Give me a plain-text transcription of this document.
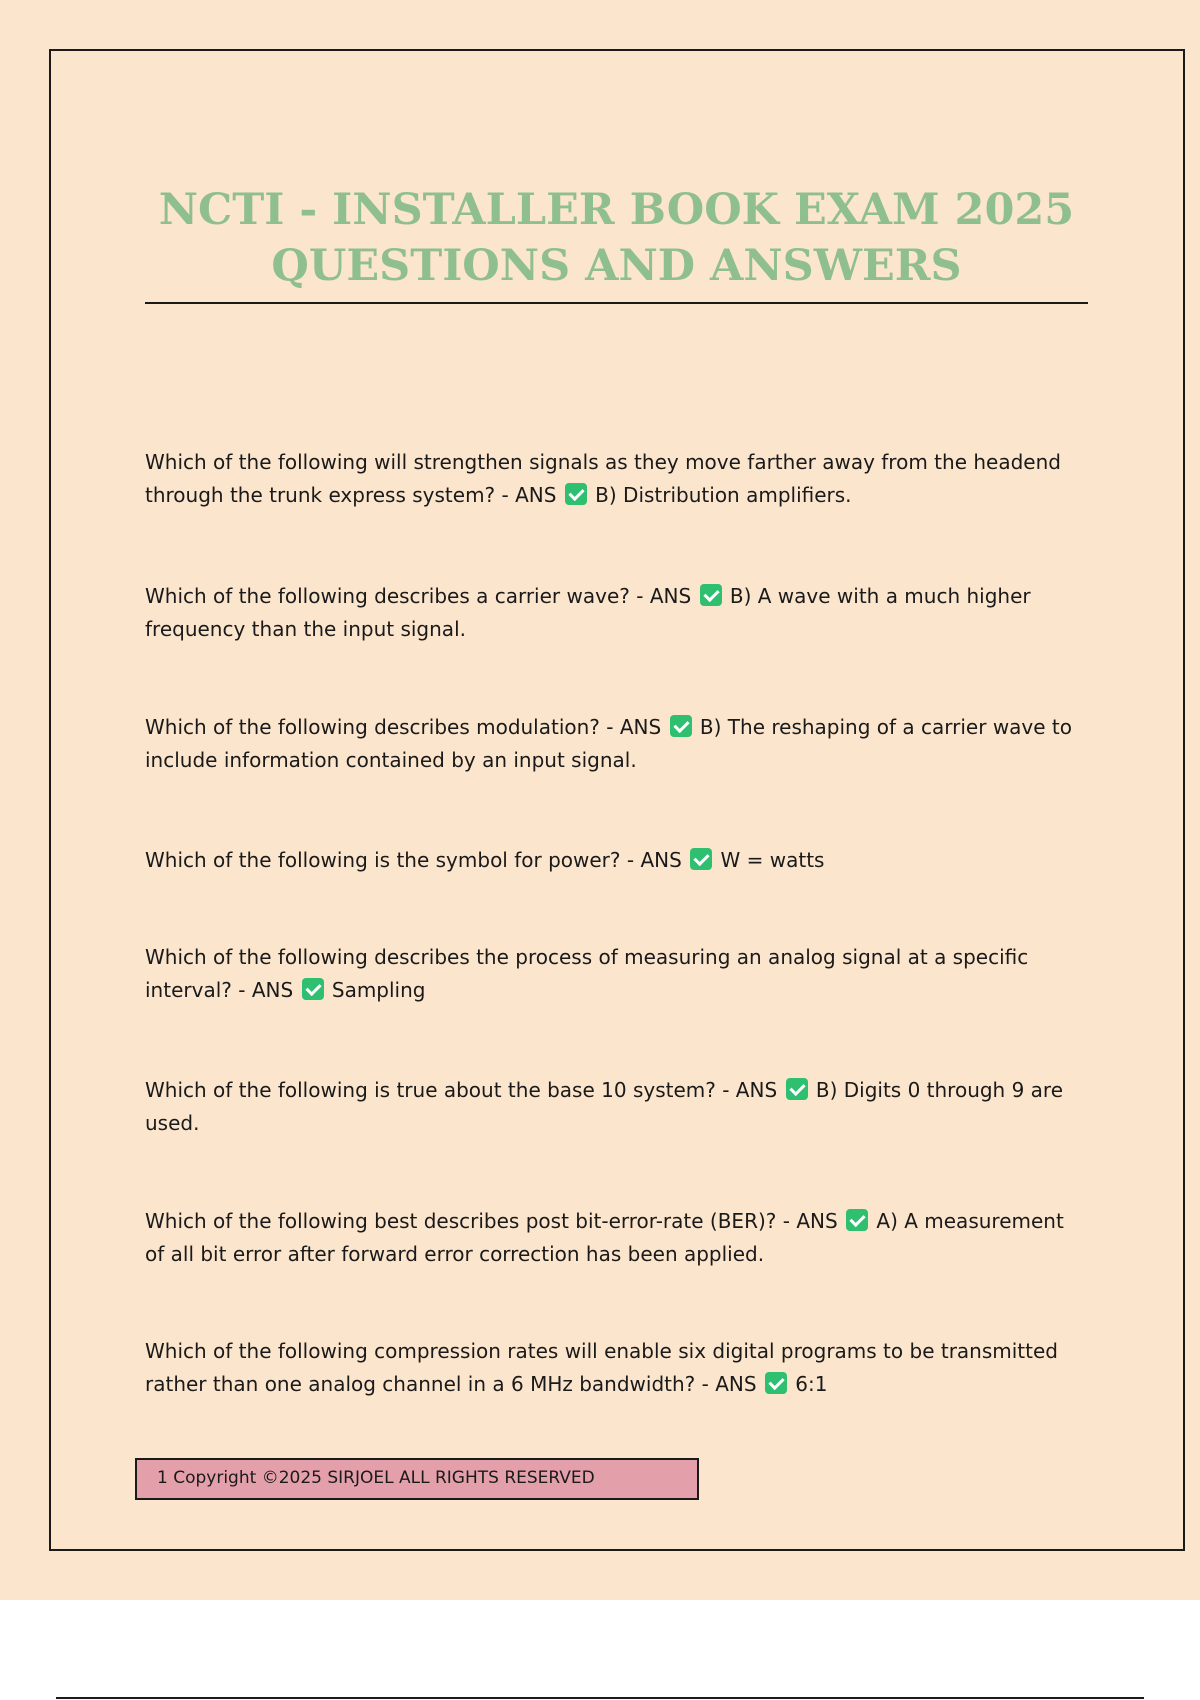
NCTI - INSTALLER BOOK EXAM 2025
QUESTIONS AND ANSWERS

Which of the following will strengthen signals as they move farther away from the headend through the trunk express system? - ANS B) Distribution amplifiers.

Which of the following describes a carrier wave? - ANS B) A wave with a much higher frequency than the input signal.

Which of the following describes modulation? - ANS B) The reshaping of a carrier wave to include information contained by an input signal.

Which of the following is the symbol for power? - ANS W = watts

Which of the following describes the process of measuring an analog signal at a specific interval? - ANS Sampling

Which of the following is true about the base 10 system? - ANS B) Digits 0 through 9 are used.

Which of the following best describes post bit-error-rate (BER)? - ANS A) A measurement of all bit error after forward error correction has been applied.

Which of the following compression rates will enable six digital programs to be transmitted rather than one analog channel in a 6 MHz bandwidth? - ANS 6:1

1 Copyright ©2025 SIRJOEL ALL RIGHTS RESERVED
